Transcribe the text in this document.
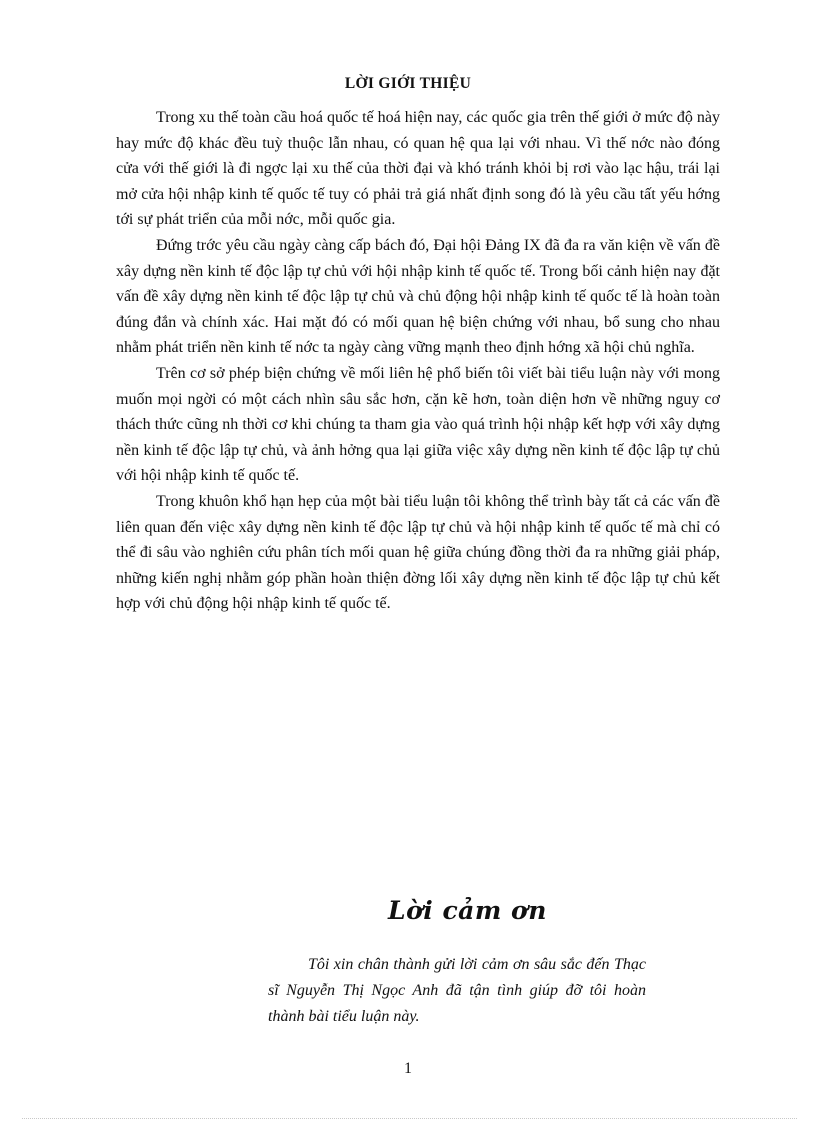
LỜI GIỚI THIỆU

Trong xu thế toàn cầu hoá quốc tế hoá hiện nay, các quốc gia trên thế giới ở mức độ này hay mức độ khác đều tuỳ thuộc lẫn nhau, có quan hệ qua lại với nhau. Vì thế nớc nào đóng cửa với thế giới là đi ngợc lại xu thế của thời đại và khó tránh khỏi bị rơi vào lạc hậu, trái lại mở cửa hội nhập kinh tế quốc tế tuy có phải trả giá nhất định song đó là yêu cầu tất yếu hớng tới sự phát triển của mỗi nớc, mỗi quốc gia.

Đứng trớc yêu cầu ngày càng cấp bách đó, Đại hội Đảng IX đã đa ra văn kiện về vấn đề xây dựng nền kinh tế độc lập tự chủ với hội nhập kinh tế quốc tế. Trong bối cảnh hiện nay đặt vấn đề xây dựng nền kinh tế độc lập tự chủ và chủ động hội nhập kinh tế quốc tế là hoàn toàn đúng đắn và chính xác. Hai mặt đó có mối quan hệ biện chứng với nhau, bổ sung cho nhau nhằm phát triển nền kinh tế nớc ta ngày càng vững mạnh theo định hớng xã hội chủ nghĩa.

Trên cơ sở phép biện chứng về mối liên hệ phổ biến tôi viết bài tiểu luận này với mong muốn mọi ngời có một cách nhìn sâu sắc hơn, cặn kẽ hơn, toàn diện hơn về những nguy cơ thách thức cũng nh thời cơ khi chúng ta tham gia vào quá trình hội nhập kết hợp với xây dựng nền kinh tế độc lập tự chủ, và ảnh hởng qua lại giữa việc xây dựng nền kinh tế độc lập tự chủ với hội nhập kinh tế quốc tế.

Trong khuôn khổ hạn hẹp của một bài tiểu luận tôi không thể trình bày tất cả các vấn đề liên quan đến việc xây dựng nền kinh tế độc lập tự chủ và hội nhập kinh tế quốc tế mà chỉ có thể đi sâu vào nghiên cứu phân tích mối quan hệ giữa chúng đồng thời đa ra những giải pháp, những kiến nghị nhằm góp phần hoàn thiện đờng lối xây dựng nền kinh tế độc lập tự chủ kết hợp với chủ động hội nhập kinh tế quốc tế.

Lời cảm ơn

Tôi xin chân thành gửi lời cảm ơn sâu sắc đến Thạc sĩ Nguyễn Thị Ngọc Anh đã tận tình giúp đỡ tôi hoàn thành bài tiểu luận này.

1
